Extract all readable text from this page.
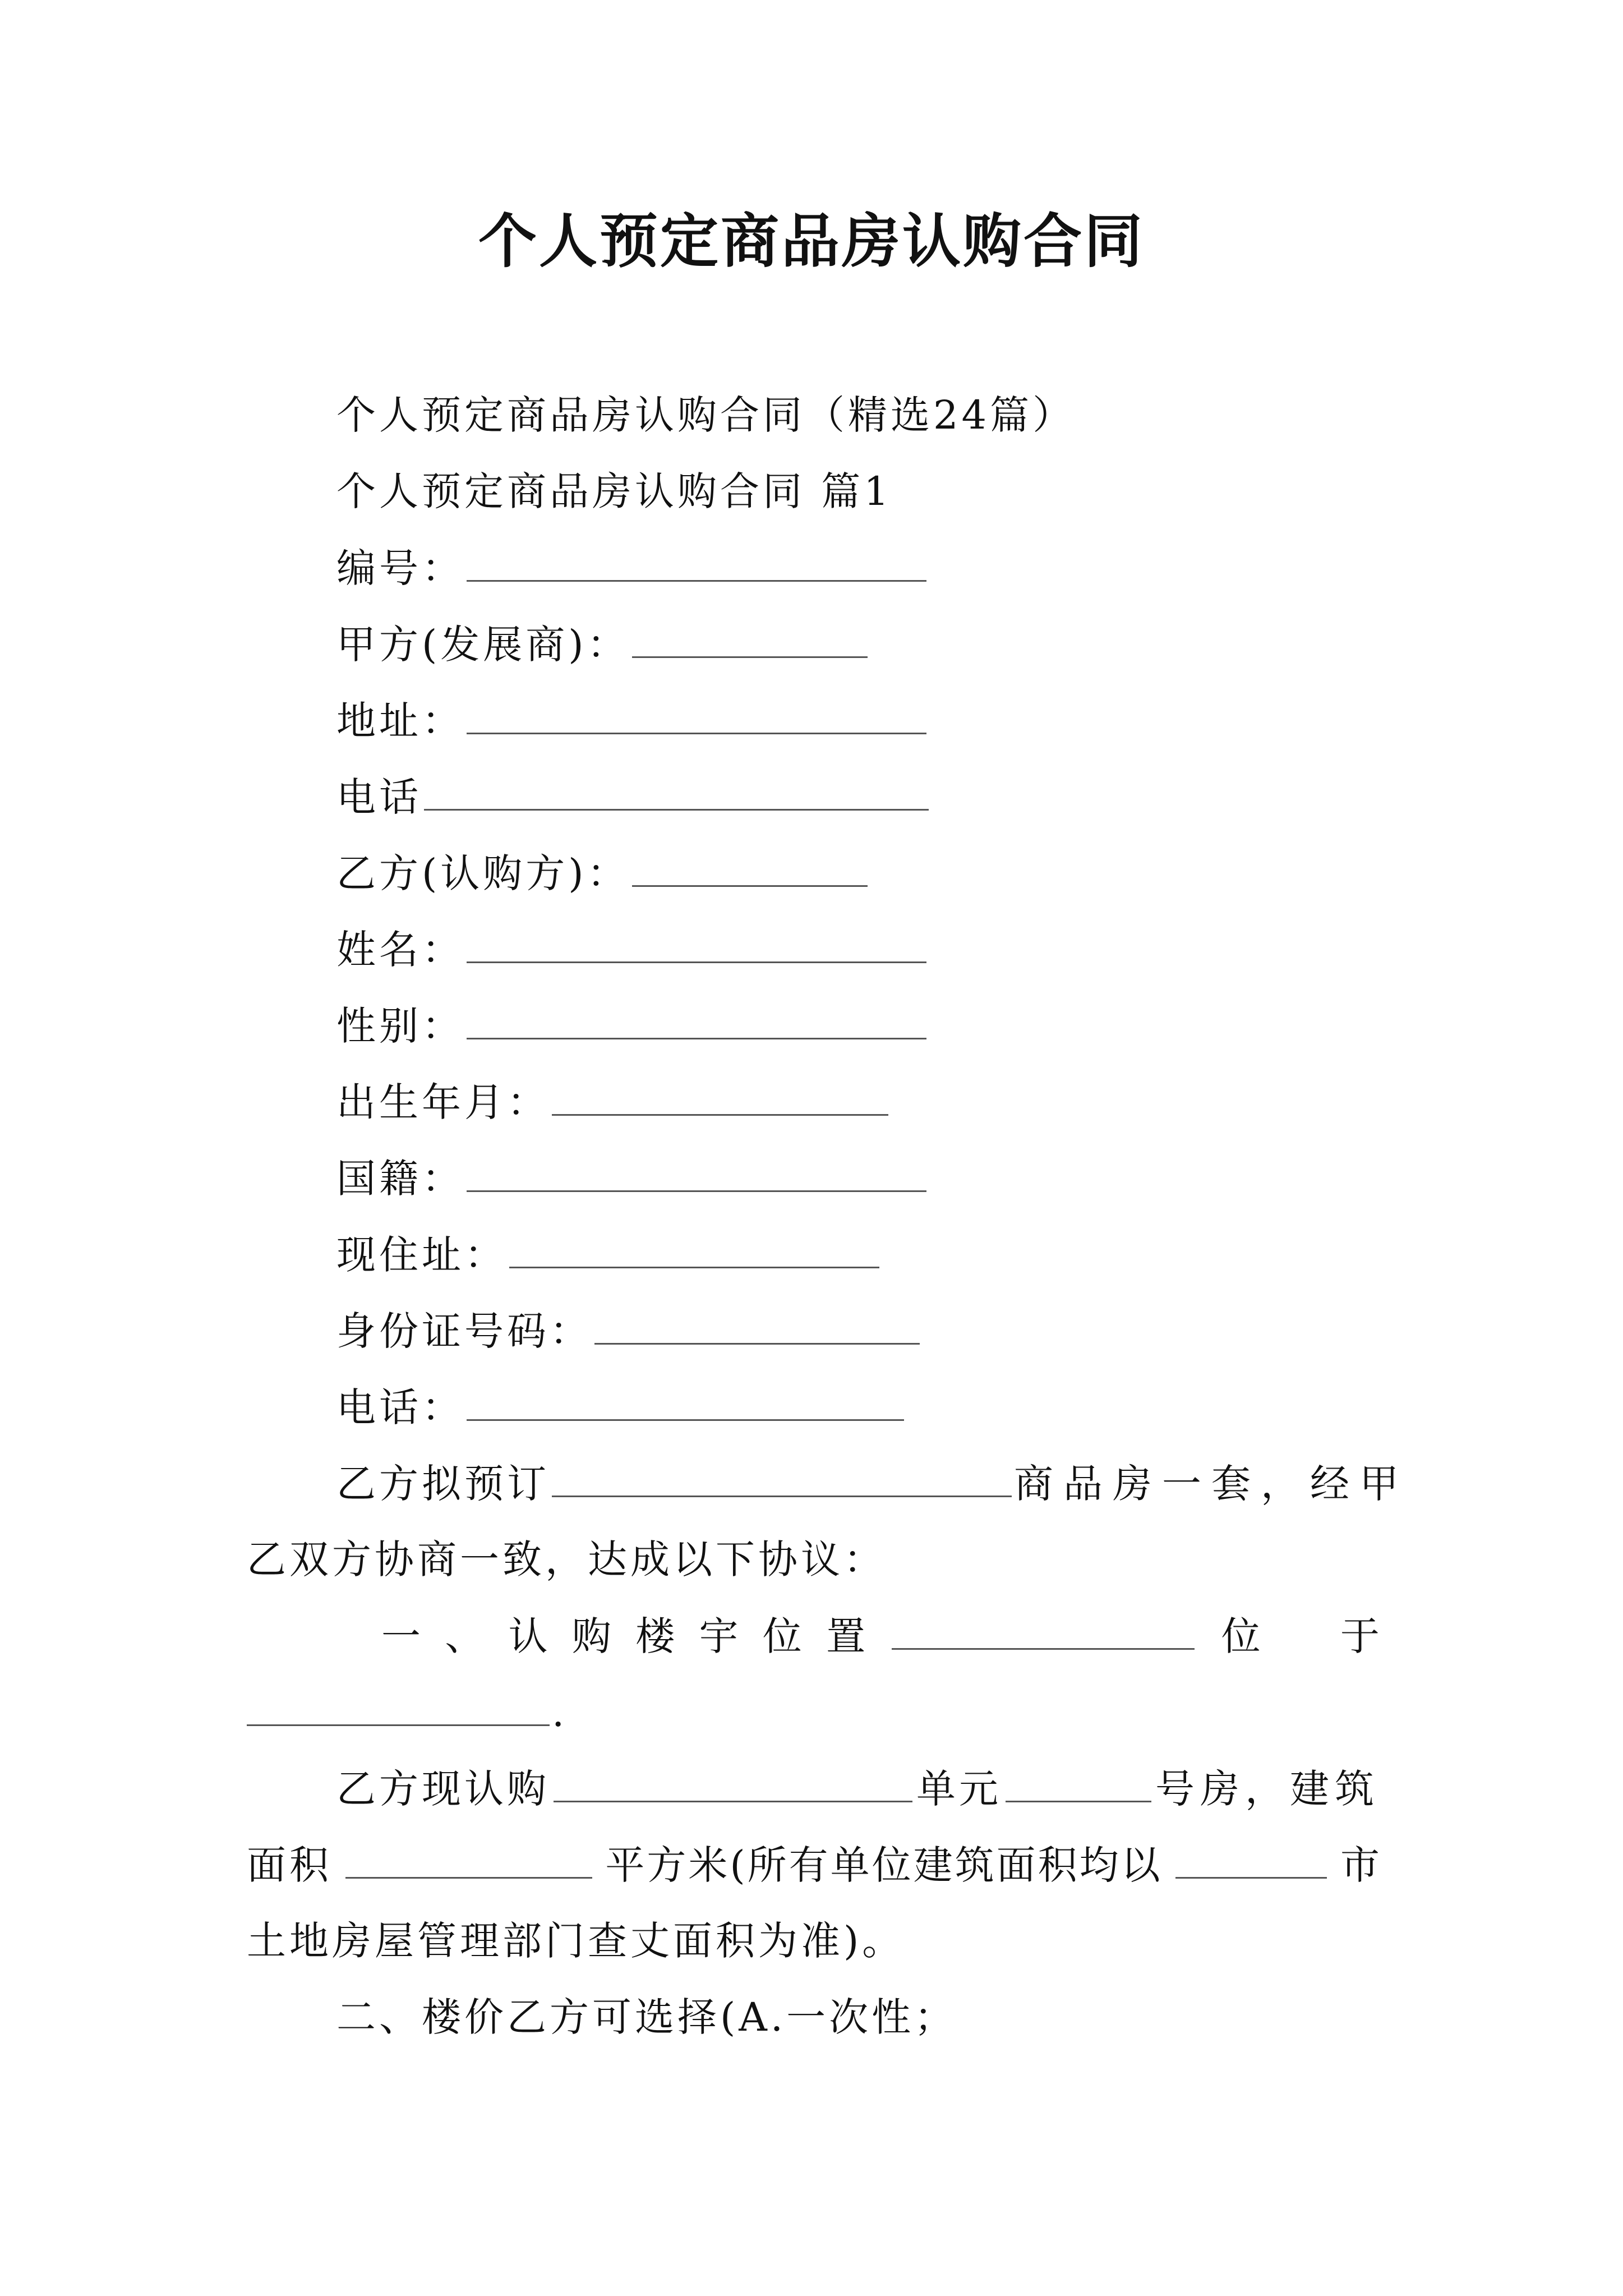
个人预定商品房认购合同
个人预定商品房认购合同（精选24篇）
个人预定商品房认购合同 篇1
编号：
甲方(发展商)：
地址：
电话
乙方(认购方)：
姓名：
性别：
出生年月：
国籍：
现住址：
身份证号码：
电话：
乙方拟预订	商品房一套，经甲
乙双方协商一致，达成以下协议：
一 、 认 购 楼 宇 位 置	位 于
.
乙方现认购	单元	号房，建筑
面积	平方米(所有单位建筑面积均以	市
土地房屋管理部门查丈面积为准)。
二、楼价乙方可选择(A.一次性；
